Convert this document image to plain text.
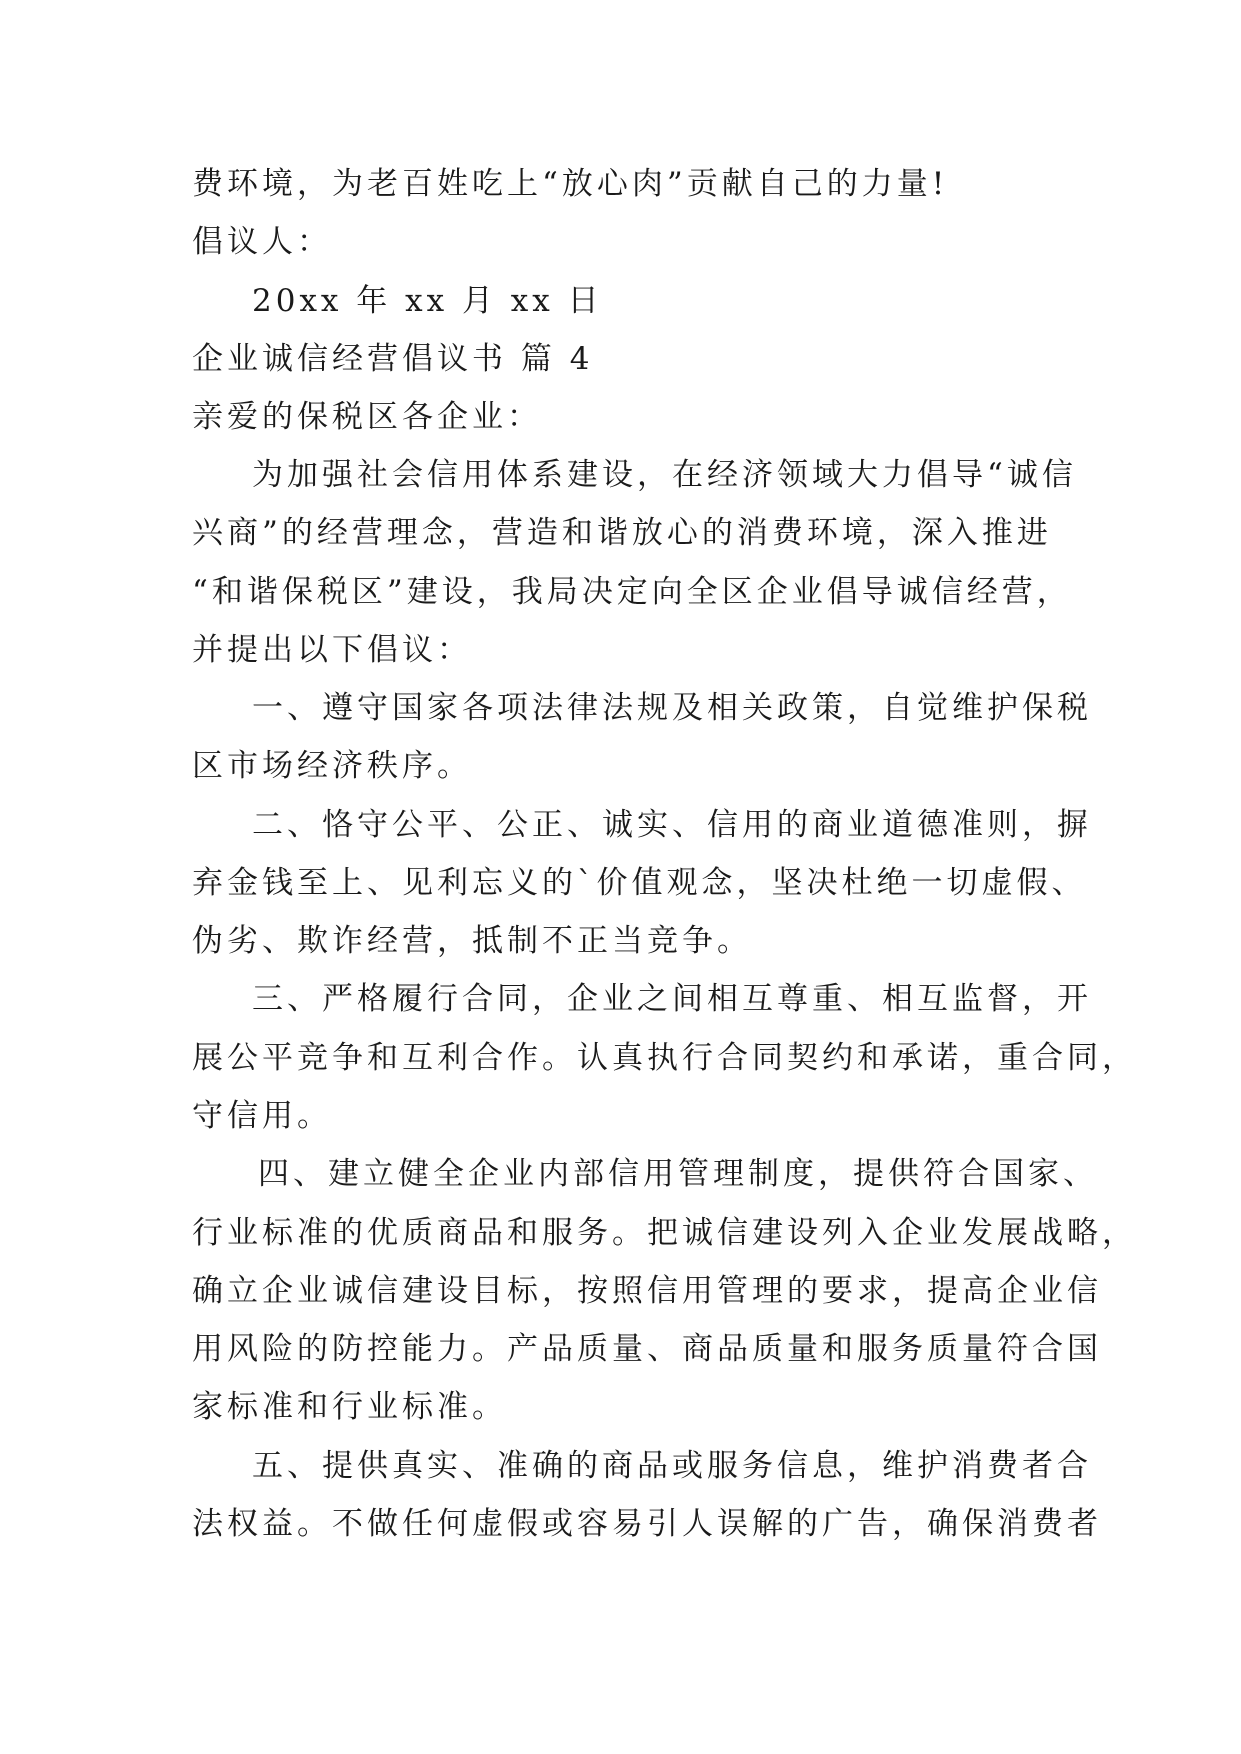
费环境，为老百姓吃上“放心肉”贡献自己的力量!
倡议人：
20xx 年 xx 月 xx 日
企业诚信经营倡议书 篇 4
亲爱的保税区各企业：
为加强社会信用体系建设，在经济领域大力倡导“诚信
兴商”的经营理念，营造和谐放心的消费环境，深入推进
“和谐保税区”建设，我局决定向全区企业倡导诚信经营，
并提出以下倡议：
一、遵守国家各项法律法规及相关政策，自觉维护保税
区市场经济秩序。
二、恪守公平、公正、诚实、信用的商业道德准则，摒
弃金钱至上、见利忘义的`价值观念，坚决杜绝一切虚假、
伪劣、欺诈经营，抵制不正当竞争。
三、严格履行合同，企业之间相互尊重、相互监督，开
展公平竞争和互利合作。认真执行合同契约和承诺，重合同，
守信用。
四、建立健全企业内部信用管理制度，提供符合国家、
行业标准的优质商品和服务。把诚信建设列入企业发展战略，
确立企业诚信建设目标，按照信用管理的要求，提高企业信
用风险的防控能力。产品质量、商品质量和服务质量符合国
家标准和行业标准。
五、提供真实、准确的商品或服务信息，维护消费者合
法权益。不做任何虚假或容易引人误解的广告，确保消费者
